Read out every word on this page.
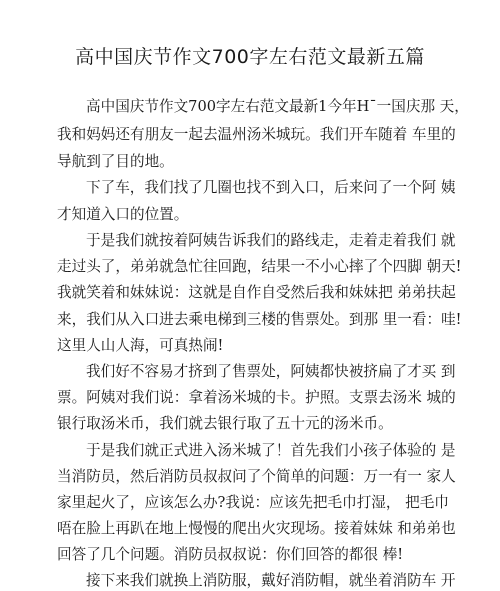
高中国庆节作文700字左右范文最新五篇
高中国庆节作文700字左右范文最新1今年H¯一国庆那 天，
我和妈妈还有朋友一起去温州汤米城玩。我们开车随着 车里的
导航到了目的地。
下了车，我们找了几圈也找不到入口，后来问了一个阿 姨
才知道入口的位置。
于是我们就按着阿姨告诉我们的路线走，走着走着我们 就
走过头了，弟弟就急忙往回跑，结果一不小心摔了个四脚 朝天!
我就笑着和妹妹说：这就是自作自受然后我和妹妹把 弟弟扶起
来，我们从入口进去乘电梯到三楼的售票处。到那 里一看：哇!
这里人山人海，可真热闹!
我们好不容易才挤到了售票处，阿姨都快被挤扁了才买 到
票。阿姨对我们说：拿着汤米城的卡。护照。支票去汤米 城的
银行取汤米币，我们就去银行取了五十元的汤米币。
于是我们就正式进入汤米城了！首先我们小孩子体验的 是
当消防员，然后消防员叔叔问了个简单的问题：万一有一 家人
家里起火了，应该怎么办?我说：应该先把毛巾打湿， 把毛巾
唔在脸上再趴在地上慢慢的爬出火灾现场。接着妹妹 和弟弟也
回答了几个问题。消防员叔叔说：你们回答的都很 棒!
接下来我们就换上消防服，戴好消防帽，就坐着消防车 开
